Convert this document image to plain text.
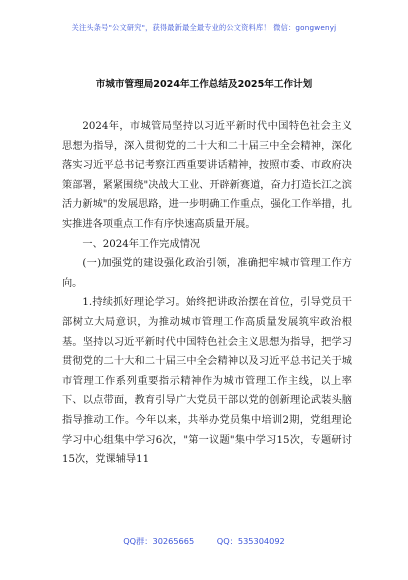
关注头条号"公文研究"，获得最新最全最专业的公文资料库！ 微信：gongwenyj
市城市管理局2024年工作总结及2025年工作计划

2024年，市城管局坚持以习近平新时代中国特色社会主义思想为指导，深入贯彻党的二十大和二十届三中全会精神，深化落实习近平总书记考察江西重要讲话精神，按照市委、市政府决策部署，紧紧围绕"决战大工业、开辟新赛道，奋力打造长江之滨活力新城"的发展思路，进一步明确工作重点，强化工作举措，扎实推进各项重点工作有序快速高质量开展。

一、2024年工作完成情况

(一)加强党的建设强化政治引领，准确把牢城市管理工作方向。

1.持续抓好理论学习。始终把讲政治摆在首位，引导党员干部树立大局意识，为推动城市管理工作高质量发展筑牢政治根基。坚持以习近平新时代中国特色社会主义思想为指导，把学习贯彻党的二十大和二十届三中全会精神以及习近平总书记关于城市管理工作系列重要指示精神作为城市管理工作主线，以上率下、以点带面，教育引导广大党员干部以党的创新理论武装头脑指导推动工作。今年以来，共举办党员集中培训2期，党组理论学习中心组集中学习6次，"第一议题"集中学习15次，专题研讨15次，党课辅导11

QQ群：30265665	QQ：535304092
